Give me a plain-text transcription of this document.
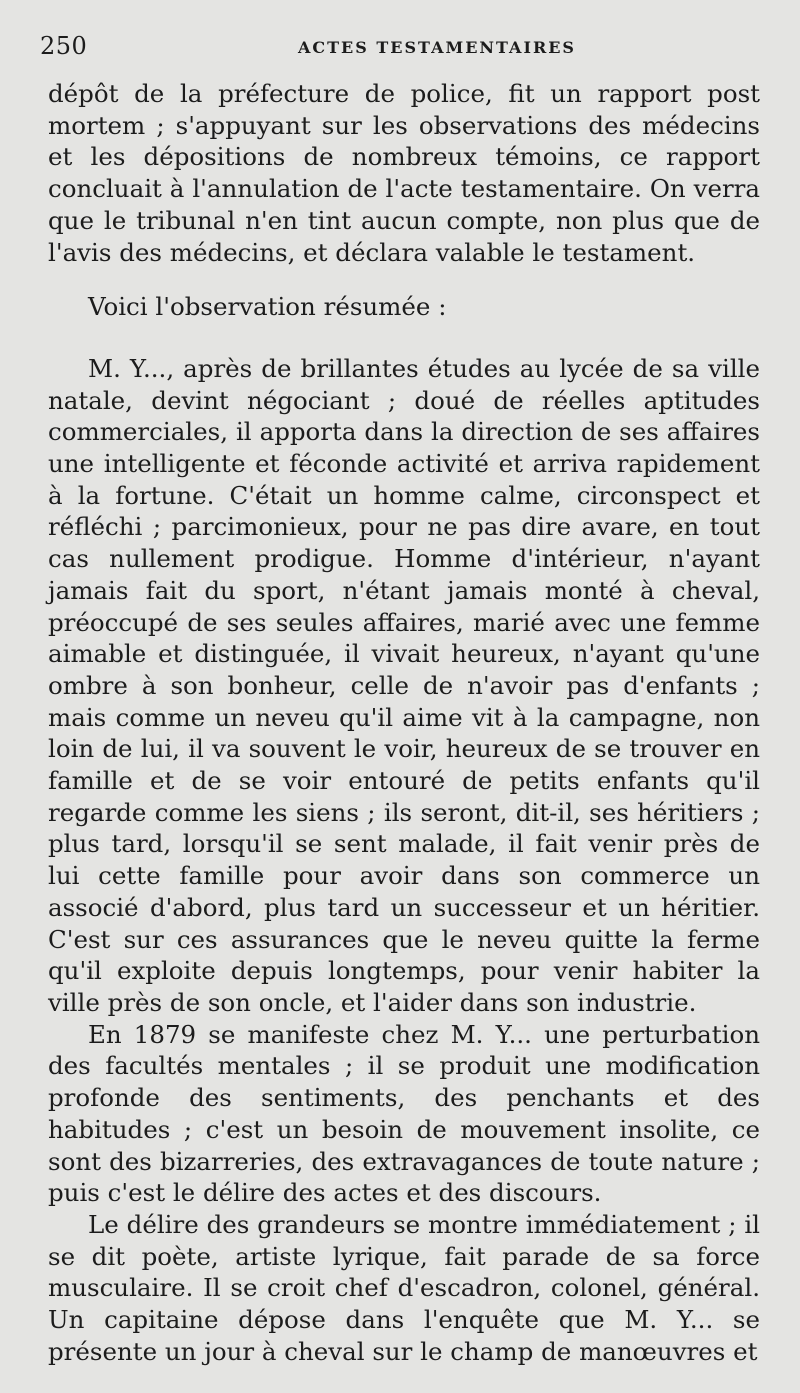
250	ACTES TESTAMENTAIRES

dépôt de la préfecture de police, fit un rapport post mortem ; s'appuyant sur les observations des médecins et les dépositions de nombreux témoins, ce rapport concluait à l'annulation de l'acte testamentaire. On verra que le tribunal n'en tint aucun compte, non plus que de l'avis des médecins, et déclara valable le testament.

Voici l'observation résumée :

M. Y..., après de brillantes études au lycée de sa ville natale, devint négociant ; doué de réelles aptitudes commerciales, il apporta dans la direction de ses affaires une intelligente et féconde activité et arriva rapidement à la fortune. C'était un homme calme, circonspect et réfléchi ; parcimonieux, pour ne pas dire avare, en tout cas nullement prodigue. Homme d'intérieur, n'ayant jamais fait du sport, n'étant jamais monté à cheval, préoccupé de ses seules affaires, marié avec une femme aimable et distinguée, il vivait heureux, n'ayant qu'une ombre à son bonheur, celle de n'avoir pas d'enfants ; mais comme un neveu qu'il aime vit à la campagne, non loin de lui, il va souvent le voir, heureux de se trouver en famille et de se voir entouré de petits enfants qu'il regarde comme les siens ; ils seront, dit-il, ses héritiers ; plus tard, lorsqu'il se sent malade, il fait venir près de lui cette famille pour avoir dans son commerce un associé d'abord, plus tard un successeur et un héritier. C'est sur ces assurances que le neveu quitte la ferme qu'il exploite depuis longtemps, pour venir habiter la ville près de son oncle, et l'aider dans son industrie.

En 1879 se manifeste chez M. Y... une perturbation des facultés mentales ; il se produit une modification profonde des sentiments, des penchants et des habitudes ; c'est un besoin de mouvement insolite, ce sont des bizarreries, des extravagances de toute nature ; puis c'est le délire des actes et des discours.

Le délire des grandeurs se montre immédiatement ; il se dit poète, artiste lyrique, fait parade de sa force musculaire. Il se croit chef d'escadron, colonel, général. Un capitaine dépose dans l'enquête que M. Y... se présente un jour à cheval sur le champ de manœuvres et
